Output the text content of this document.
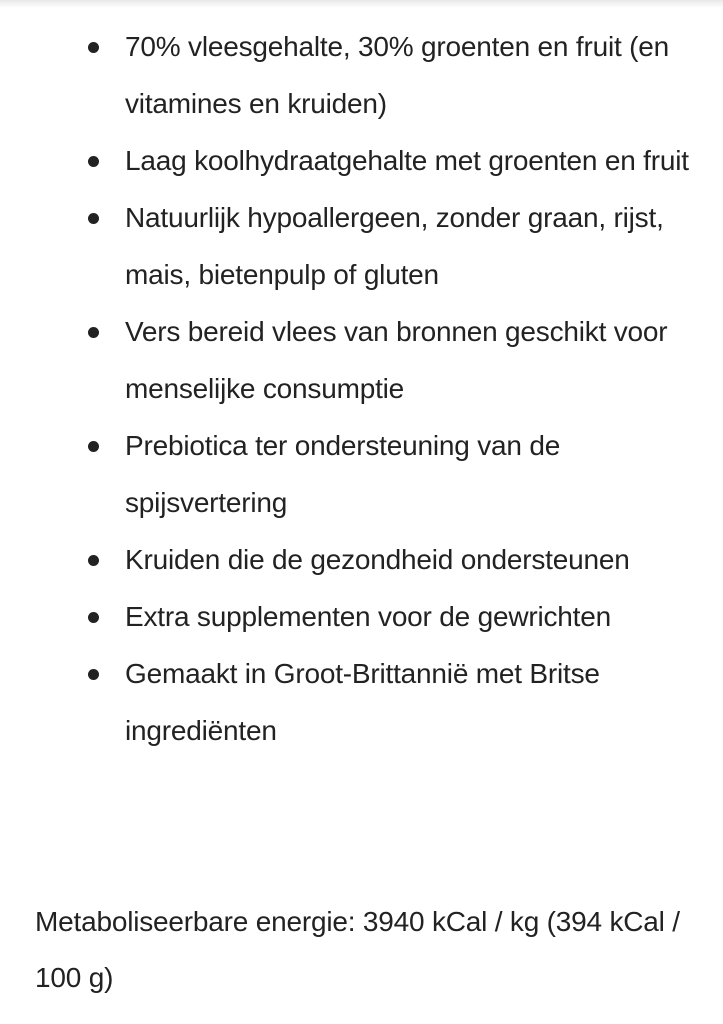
70% vleesgehalte, 30% groenten en fruit (en vitamines en kruiden)
Laag koolhydraatgehalte met groenten en fruit
Natuurlijk hypoallergeen, zonder graan, rijst, mais, bietenpulp of gluten
Vers bereid vlees van bronnen geschikt voor menselijke consumptie
Prebiotica ter ondersteuning van de spijsvertering
Kruiden die de gezondheid ondersteunen
Extra supplementen voor de gewrichten
Gemaakt in Groot-Brittannië met Britse ingrediënten

Metaboliseerbare energie: 3940 kCal / kg (394 kCal / 100 g)
